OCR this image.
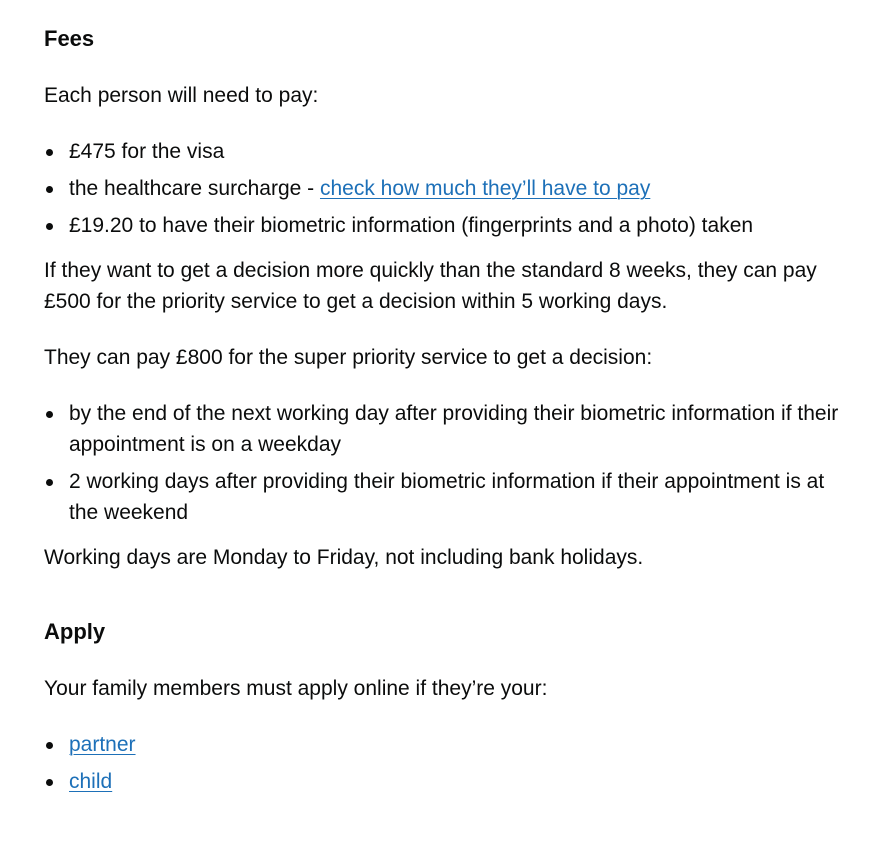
Fees

Each person will need to pay:

£475 for the visa
the healthcare surcharge - check how much they’ll have to pay
£19.20 to have their biometric information (fingerprints and a photo) taken

If they want to get a decision more quickly than the standard 8 weeks, they can pay £500 for the priority service to get a decision within 5 working days.

They can pay £800 for the super priority service to get a decision:

by the end of the next working day after providing their biometric information if their appointment is on a weekday
2 working days after providing their biometric information if their appointment is at the weekend

Working days are Monday to Friday, not including bank holidays.

Apply

Your family members must apply online if they’re your:

partner
child
